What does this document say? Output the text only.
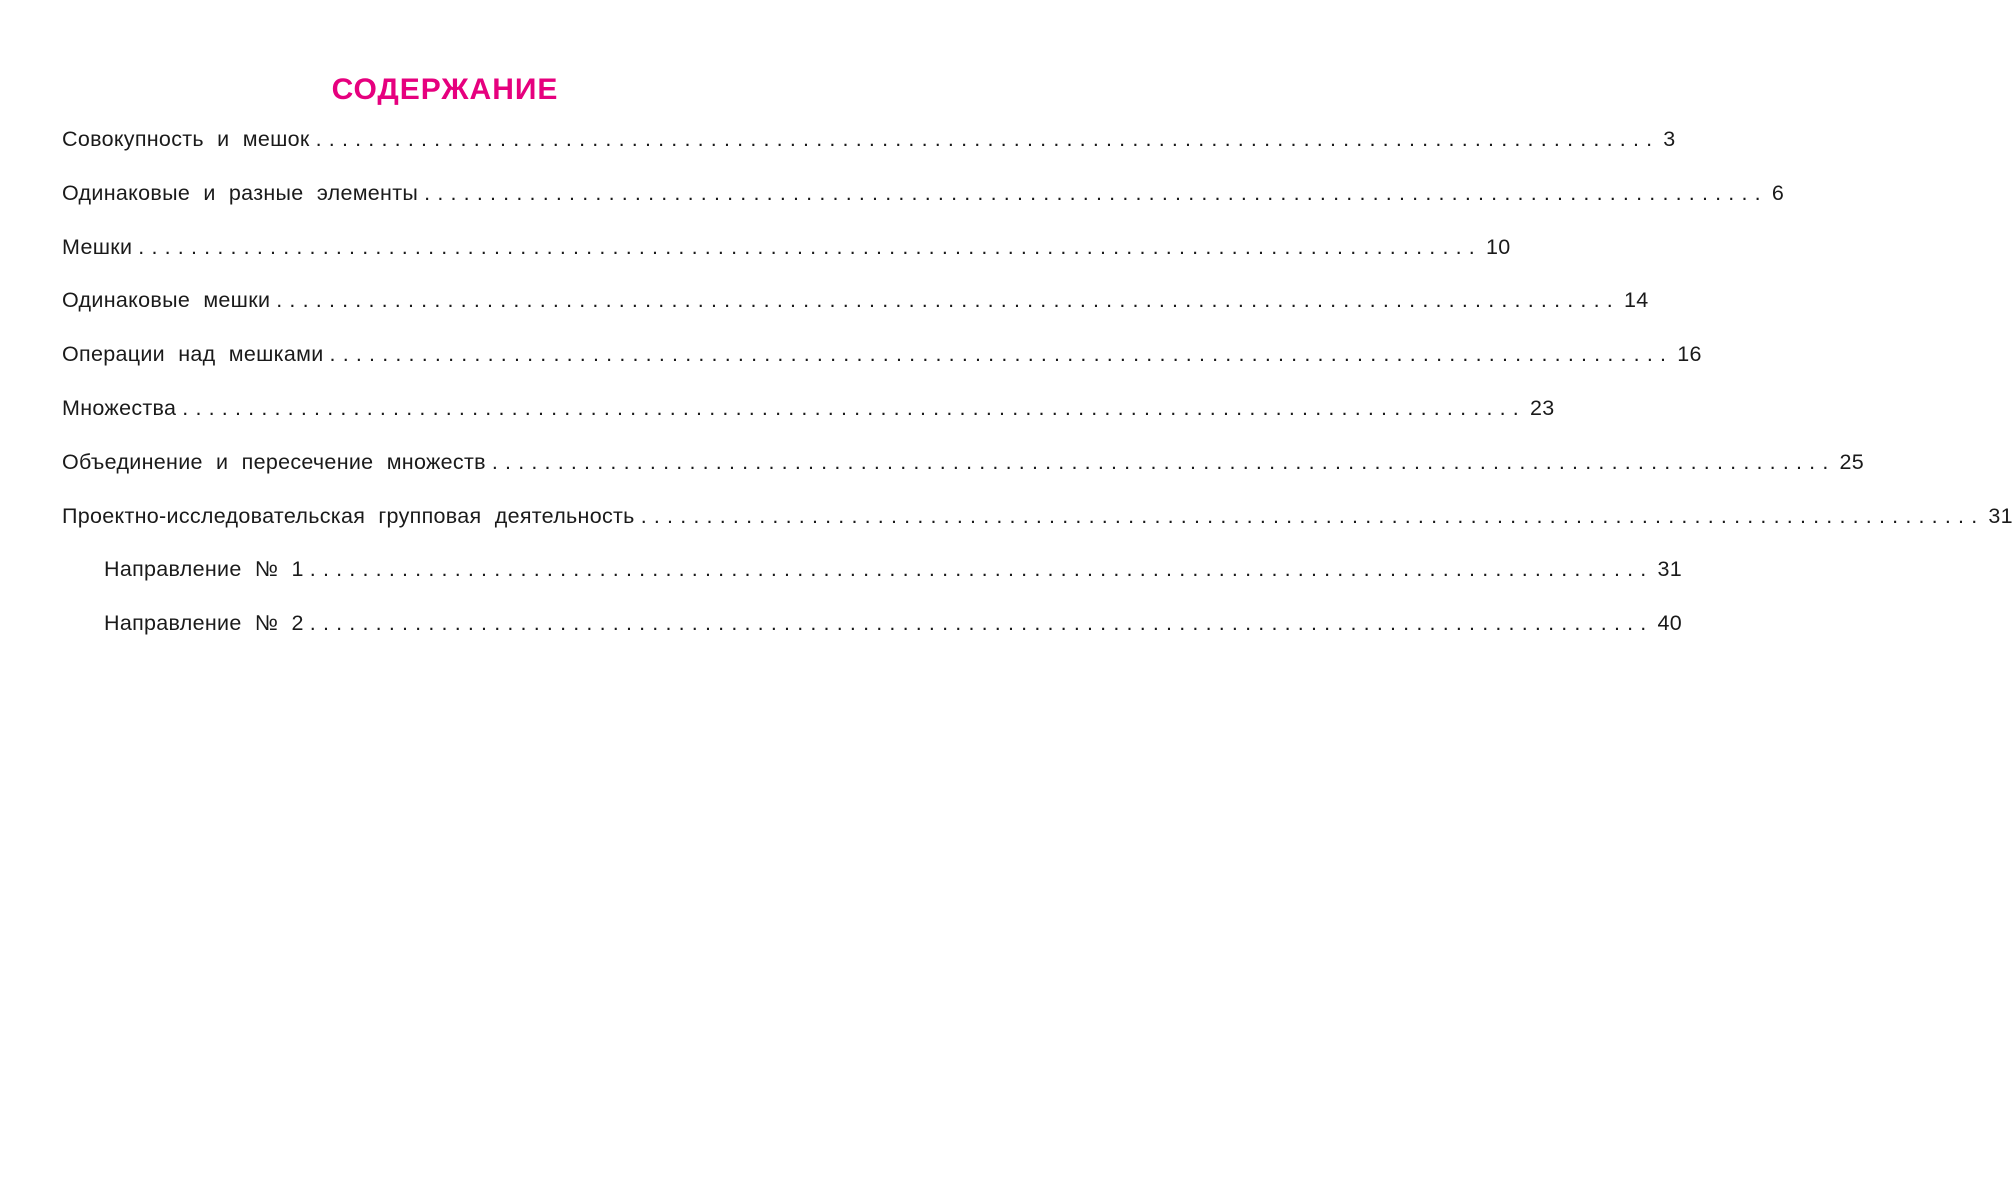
СОДЕРЖАНИЕ
Совокупность и мешок ...................................................................................................... 3
Одинаковые и разные элементы ...................................................................................................... 6
Мешки ...................................................................................................... 10
Одинаковые мешки ...................................................................................................... 14
Операции над мешками ...................................................................................................... 16
Множества ...................................................................................................... 23
Объединение и пересечение множеств ...................................................................................................... 25
Проектно-исследовательская групповая деятельность ...................................................................................................... 31
Направление № 1 ...................................................................................................... 31
Направление № 2 ...................................................................................................... 40
